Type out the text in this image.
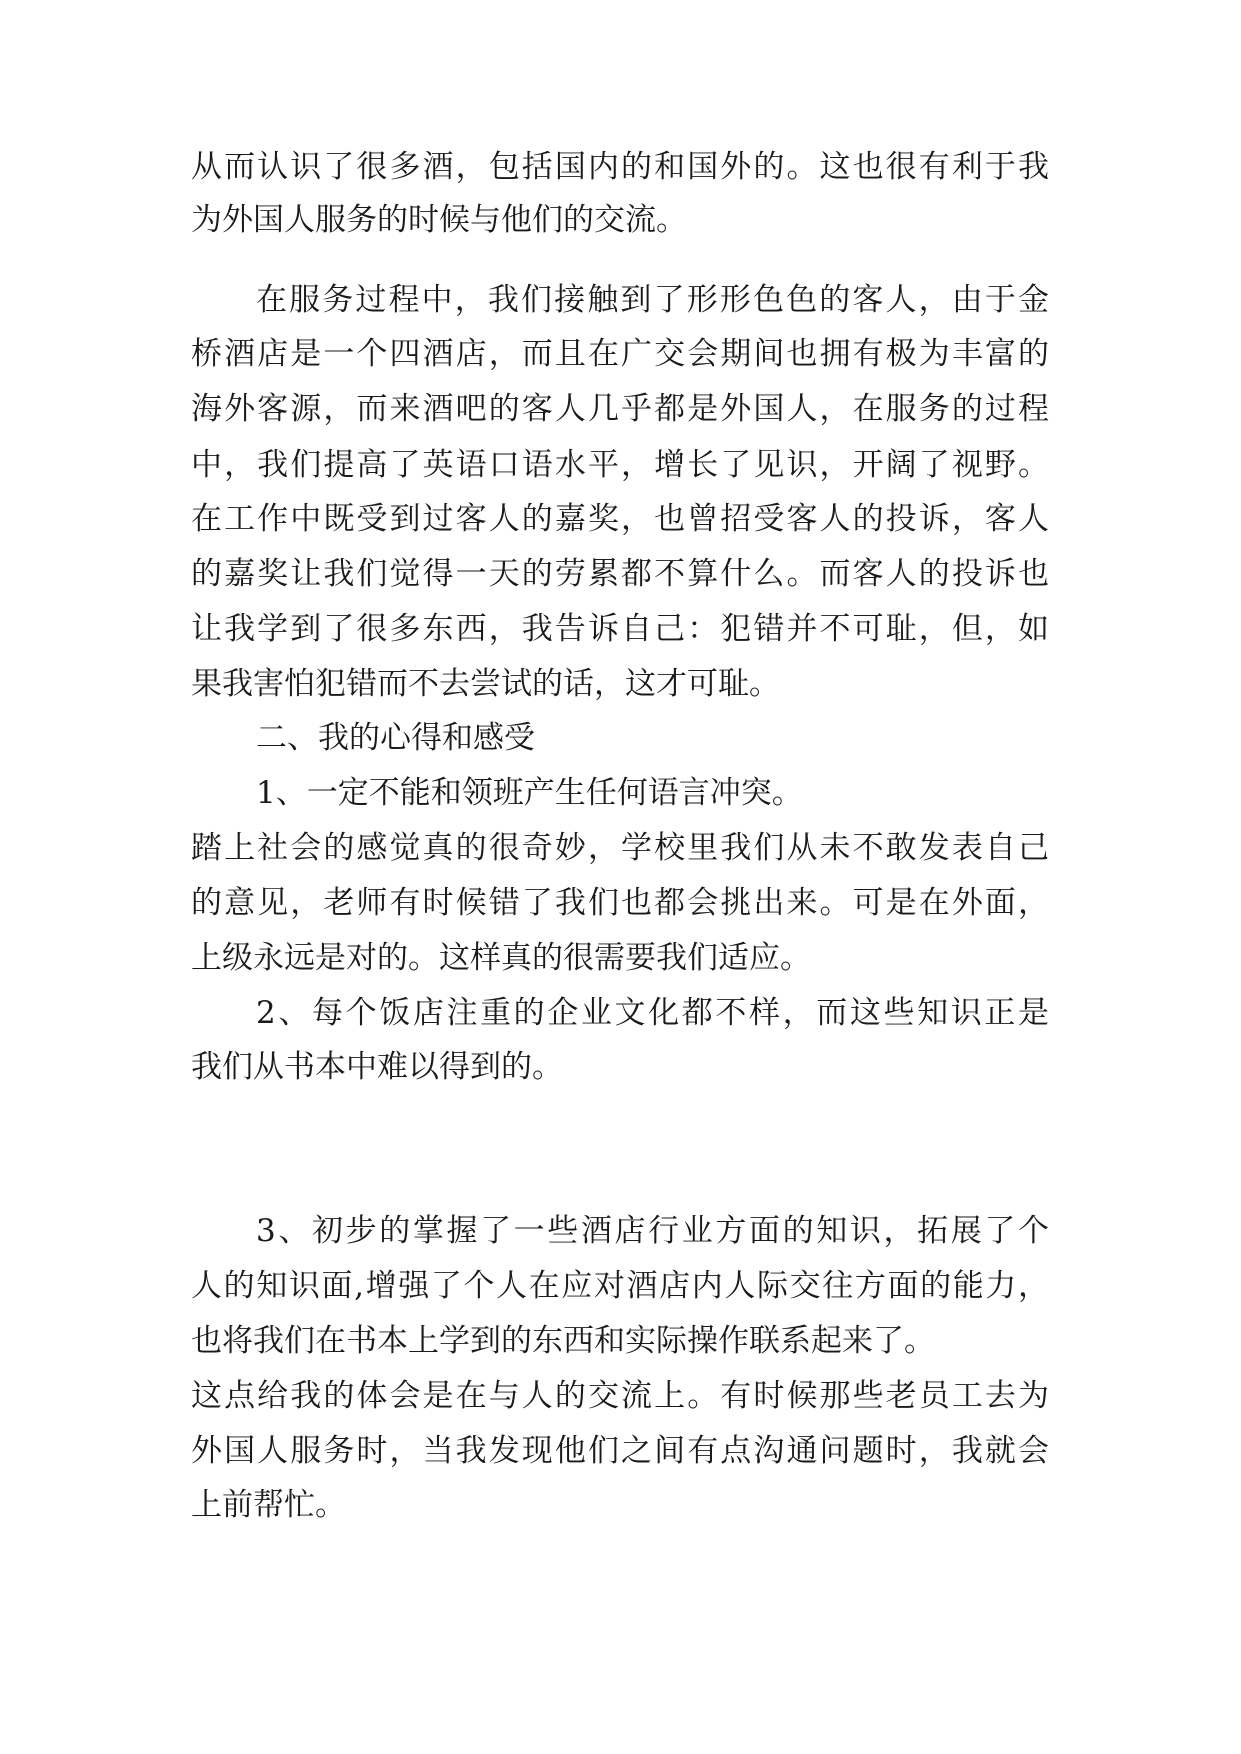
从而认识了很多酒，包括国内的和国外的。这也很有利于我

为外国人服务的时候与他们的交流。

在服务过程中，我们接触到了形形色色的客人，由于金

桥酒店是一个四酒店，而且在广交会期间也拥有极为丰富的

海外客源，而来酒吧的客人几乎都是外国人，在服务的过程

中，我们提高了英语口语水平，增长了见识，开阔了视野。

在工作中既受到过客人的嘉奖，也曾招受客人的投诉，客人

的嘉奖让我们觉得一天的劳累都不算什么。而客人的投诉也

让我学到了很多东西，我告诉自己：犯错并不可耻，但，如

果我害怕犯错而不去尝试的话，这才可耻。

二、我的心得和感受

1、一定不能和领班产生任何语言冲突。

踏上社会的感觉真的很奇妙，学校里我们从未不敢发表自己

的意见，老师有时候错了我们也都会挑出来。可是在外面，

上级永远是对的。这样真的很需要我们适应。

2、每个饭店注重的企业文化都不样，而这些知识正是

我们从书本中难以得到的。

3、初步的掌握了一些酒店行业方面的知识，拓展了个

人的知识面,增强了个人在应对酒店内人际交往方面的能力，

也将我们在书本上学到的东西和实际操作联系起来了。

这点给我的体会是在与人的交流上。有时候那些老员工去为

外国人服务时，当我发现他们之间有点沟通问题时，我就会

上前帮忙。
